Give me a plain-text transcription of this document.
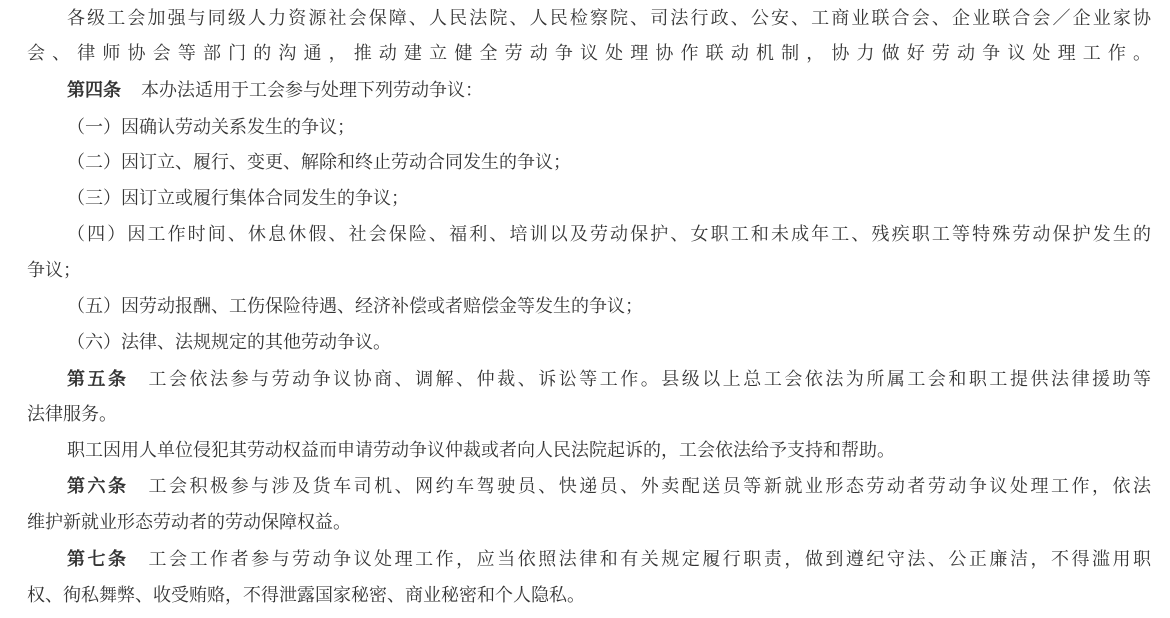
各级工会加强与同级人力资源社会保障、人民法院、人民检察院、司法行政、公安、工商业联合会、企业联合会／企业家协
会、律师协会等部门的沟通，推动建立健全劳动争议处理协作联动机制，协力做好劳动争议处理工作。
第四条 本办法适用于工会参与处理下列劳动争议：
（一）因确认劳动关系发生的争议；
（二）因订立、履行、变更、解除和终止劳动合同发生的争议；
（三）因订立或履行集体合同发生的争议；
（四）因工作时间、休息休假、社会保险、福利、培训以及劳动保护、女职工和未成年工、残疾职工等特殊劳动保护发生的
争议；
（五）因劳动报酬、工伤保险待遇、经济补偿或者赔偿金等发生的争议；
（六）法律、法规规定的其他劳动争议。
第五条 工会依法参与劳动争议协商、调解、仲裁、诉讼等工作。县级以上总工会依法为所属工会和职工提供法律援助等
法律服务。
职工因用人单位侵犯其劳动权益而申请劳动争议仲裁或者向人民法院起诉的，工会依法给予支持和帮助。
第六条 工会积极参与涉及货车司机、网约车驾驶员、快递员、外卖配送员等新就业形态劳动者劳动争议处理工作，依法
维护新就业形态劳动者的劳动保障权益。
第七条 工会工作者参与劳动争议处理工作，应当依照法律和有关规定履行职责，做到遵纪守法、公正廉洁，不得滥用职
权、徇私舞弊、收受贿赂，不得泄露国家秘密、商业秘密和个人隐私。
